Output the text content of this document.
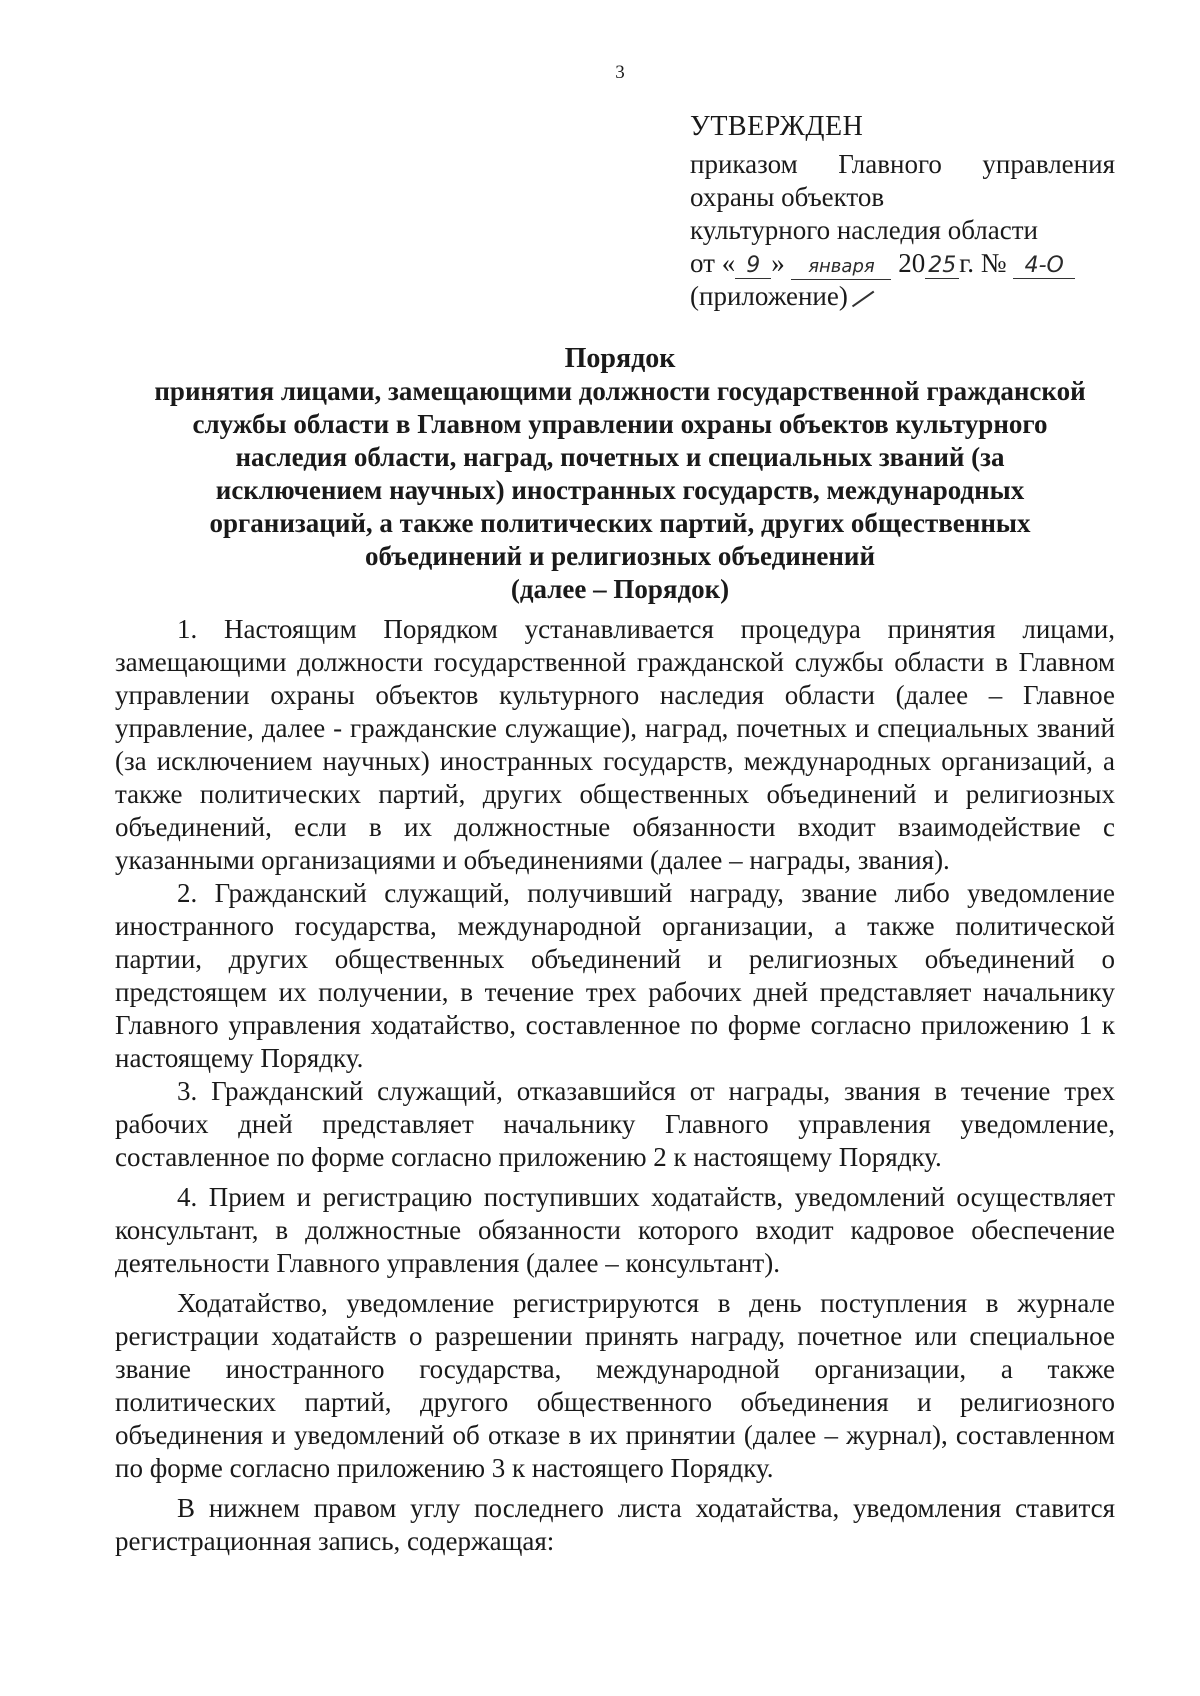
3
УТВЕРЖДЕН
приказом Главного управления
охраны объектов
культурного наследия области
от « 9 » января 20 25 г. № 4-О
(приложение)
Порядок
принятия лицами, замещающими должности государственной гражданской
службы области в Главном управлении охраны объектов культурного
наследия области, наград, почетных и специальных званий (за
исключением научных) иностранных государств, международных
организаций, а также политических партий, других общественных
объединений и религиозных объединений
(далее – Порядок)

1. Настоящим Порядком устанавливается процедура принятия лицами, замещающими должности государственной гражданской службы области в Главном управлении охраны объектов культурного наследия области (далее – Главное управление, далее - гражданские служащие), наград, почетных и специальных званий (за исключением научных) иностранных государств, международных организаций, а также политических партий, других общественных объединений и религиозных объединений, если в их должностные обязанности входит взаимодействие с указанными организациями и объединениями (далее – награды, звания).

2. Гражданский служащий, получивший награду, звание либо уведомление иностранного государства, международной организации, а также политической партии, других общественных объединений и религиозных объединений о предстоящем их получении, в течение трех рабочих дней представляет начальнику Главного управления ходатайство, составленное по форме согласно приложению 1 к настоящему Порядку.

3. Гражданский служащий, отказавшийся от награды, звания в течение трех рабочих дней представляет начальнику Главного управления уведомление, составленное по форме согласно приложению 2 к настоящему Порядку.

4. Прием и регистрацию поступивших ходатайств, уведомлений осуществляет консультант, в должностные обязанности которого входит кадровое обеспечение деятельности Главного управления (далее – консультант).

Ходатайство, уведомление регистрируются в день поступления в журнале регистрации ходатайств о разрешении принять награду, почетное или специальное звание иностранного государства, международной организации, а также политических партий, другого общественного объединения и религиозного объединения и уведомлений об отказе в их принятии (далее – журнал), составленном по форме согласно приложению 3 к настоящего Порядку.

В нижнем правом углу последнего листа ходатайства, уведомления ставится регистрационная запись, содержащая:
